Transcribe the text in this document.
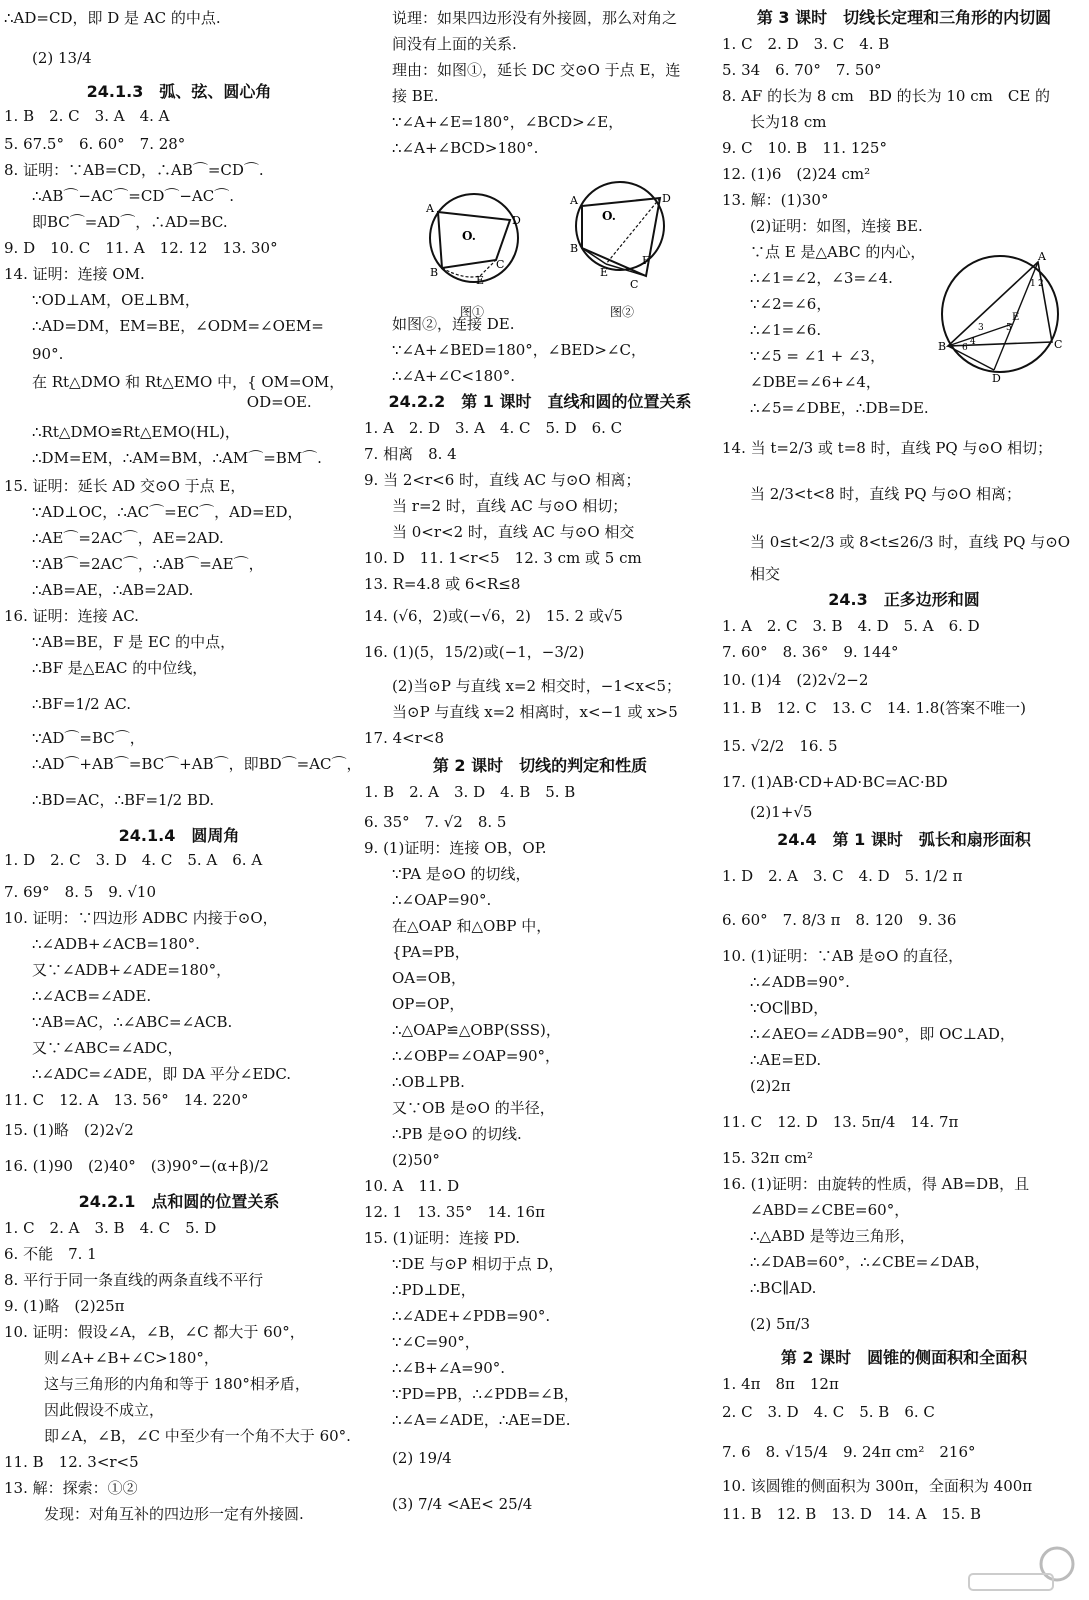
∴AD=CD，即 D 是 AC 的中点.
(2) 13/4
24.1.3　弧、弦、圆心角
1. B　2. C　3. A　4. A
5. 67.5°　6. 60°　7. 28°
8. 证明：∵AB=CD，∴AB⌒=CD⌒.
∴AB⌒−AC⌒=CD⌒−AC⌒.
即BC⌒=AD⌒，∴AD=BC.
9. D　10. C　11. A　12. 12　13. 30°
14. 证明：连接 OM.
∵OD⊥AM，OE⊥BM，
∴AD=DM，EM=BE，∠ODM=∠OEM=
90°.
在 Rt△DMO 和 Rt△EMO 中，{ OM=OM，
　　　　　　　　　　　　　　 OD=OE.
∴Rt△DMO≌Rt△EMO(HL)，
∴DM=EM，∴AM=BM，∴AM⌒=BM⌒.
15. 证明：延长 AD 交⊙O 于点 E，
∵AD⊥OC，∴AC⌒=EC⌒，AD=ED，
∴AE⌒=2AC⌒，AE=2AD.
∵AB⌒=2AC⌒，∴AB⌒=AE⌒，
∴AB=AE，∴AB=2AD.
16. 证明：连接 AC.
∵AB=BE，F 是 EC 的中点，
∴BF 是△EAC 的中位线，
∴BF=1/2 AC.
∵AD⌒=BC⌒，
∴AD⌒+AB⌒=BC⌒+AB⌒，即BD⌒=AC⌒，
∴BD=AC，∴BF=1/2 BD.
24.1.4　圆周角
1. D　2. C　3. D　4. C　5. A　6. A
7. 69°　8. 5　9. √10
10. 证明：∵四边形 ADBC 内接于⊙O，
∴∠ADB+∠ACB=180°.
又∵∠ADB+∠ADE=180°，
∴∠ACB=∠ADE.
∵AB=AC，∴∠ABC=∠ACB.
又∵∠ABC=∠ADC，
∴∠ADC=∠ADE，即 DA 平分∠EDC.
11. C　12. A　13. 56°　14. 220°
15. (1)略　(2)2√2
16. (1)90　(2)40°　(3)90°−(α+β)/2
24.2.1　点和圆的位置关系
1. C　2. A　3. B　4. C　5. D
6. 不能　7. 1
8. 平行于同一条直线的两条直线不平行
9. (1)略　(2)25π
10. 证明：假设∠A，∠B，∠C 都大于 60°，
则∠A+∠B+∠C>180°，
这与三角形的内角和等于 180°相矛盾，
因此假设不成立，
即∠A，∠B，∠C 中至少有一个角不大于 60°.
11. B　12. 3<r<5
13. 解：探索：①②
发现：对角互补的四边形一定有外接圆.
说理：如果四边形没有外接圆，那么对角之
间没有上面的关系.
理由：如图①，延长 DC 交⊙O 于点 E，连
接 BE.
∵∠A+∠E=180°，∠BCD>∠E，
∴∠A+∠BCD>180°.
如图②，连接 DE.
∵∠A+∠BED=180°，∠BED>∠C，
∴∠A+∠C<180°.
24.2.2　第 1 课时　直线和圆的位置关系
1. A　2. D　3. A　4. C　5. D　6. C
7. 相离　8. 4
9. 当 2<r<6 时，直线 AC 与⊙O 相离；
当 r=2 时，直线 AC 与⊙O 相切；
当 0<r<2 时，直线 AC 与⊙O 相交
10. D　11. 1<r<5　12. 3 cm 或 5 cm
13. R=4.8 或 6<R≤8
14. (√6，2)或(−√6，2)　15. 2 或√5
16. (1)(5，15/2)或(−1，−3/2)
(2)当⊙P 与直线 x=2 相交时，−1<x<5；
当⊙P 与直线 x=2 相离时，x<−1 或 x>5
17. 4<r<8
第 2 课时　切线的判定和性质
1. B　2. A　3. D　4. B　5. B
6. 35°　7. √2　8. 5
9. (1)证明：连接 OB，OP.
∵PA 是⊙O 的切线，
∴∠OAP=90°.
在△OAP 和△OBP 中，
{PA=PB，
OA=OB，
OP=OP，
∴△OAP≌△OBP(SSS)，
∴∠OBP=∠OAP=90°，
∴OB⊥PB.
又∵OB 是⊙O 的半径，
∴PB 是⊙O 的切线.
(2)50°
10. A　11. D
12. 1　13. 35°　14. 16π
15. (1)证明：连接 PD.
∵DE 与⊙P 相切于点 D，
∴PD⊥DE，
∴∠ADE+∠PDB=90°.
∵∠C=90°，
∴∠B+∠A=90°.
∵PD=PB，∴∠PDB=∠B，
∴∠A=∠ADE，∴AE=DE.
(2) 19/4
(3) 7/4 <AE< 25/4
第 3 课时　切线长定理和三角形的内切圆
1. C　2. D　3. C　4. B
5. 34　6. 70°　7. 50°
8. AF 的长为 8 cm　BD 的长为 10 cm　CE 的
长为18 cm
9. C　10. B　11. 125°
12. (1)6　(2)24 cm²
13. 解：(1)30°
(2)证明：如图，连接 BE.
∵点 E 是△ABC 的内心，
∴∠1=∠2，∠3=∠4.
∵∠2=∠6，
∴∠1=∠6.
∵∠5 = ∠1 + ∠3，
∠DBE=∠6+∠4，
∴∠5=∠DBE，∴DB=DE.
14. 当 t=2/3 或 t=8 时，直线 PQ 与⊙O 相切；
当 2/3<t<8 时，直线 PQ 与⊙O 相离；
当 0≤t<2/3 或 8<t≤26/3 时，直线 PQ 与⊙O
相交
24.3　正多边形和圆
1. A　2. C　3. B　4. D　5. A　6. D
7. 60°　8. 36°　9. 144°
10. (1)4　(2)2√2−2
11. B　12. C　13. C　14. 1.8(答案不唯一)
15. √2/2　16. 5
17. (1)AB·CD+AD·BC=AC·BD
(2)1+√5
24.4　第 1 课时　弧长和扇形面积
1. D　2. A　3. C　4. D　5. 1/2 π
6. 60°　7. 8/3 π　8. 120　9. 36
10. (1)证明：∵AB 是⊙O 的直径，
∴∠ADB=90°.
∵OC∥BD，
∴∠AEO=∠ADB=90°，即 OC⊥AD，
∴AE=ED.
(2)2π
11. C　12. D　13. 5π/4　14. 7π
15. 32π cm²
16. (1)证明：由旋转的性质，得 AB=DB，且
∠ABD=∠CBE=60°，
∴△ABD 是等边三角形，
∴∠DAB=60°，∴∠CBE=∠DAB，
∴BC∥AD.
(2) 5π/3
第 2 课时　圆锥的侧面积和全面积
1. 4π　8π　12π
2. C　3. D　4. C　5. B　6. C
7. 6　8. √15/4　9. 24π cm²　216°
10. 该圆锥的侧面积为 300π，全面积为 400π
11. B　12. B　13. D　14. A　15. B
A
D
C
B
E
O.
图①
A	D
B
E
F
C
O.
图②
A
B	C
D
E
1 2
3
4
5
6
